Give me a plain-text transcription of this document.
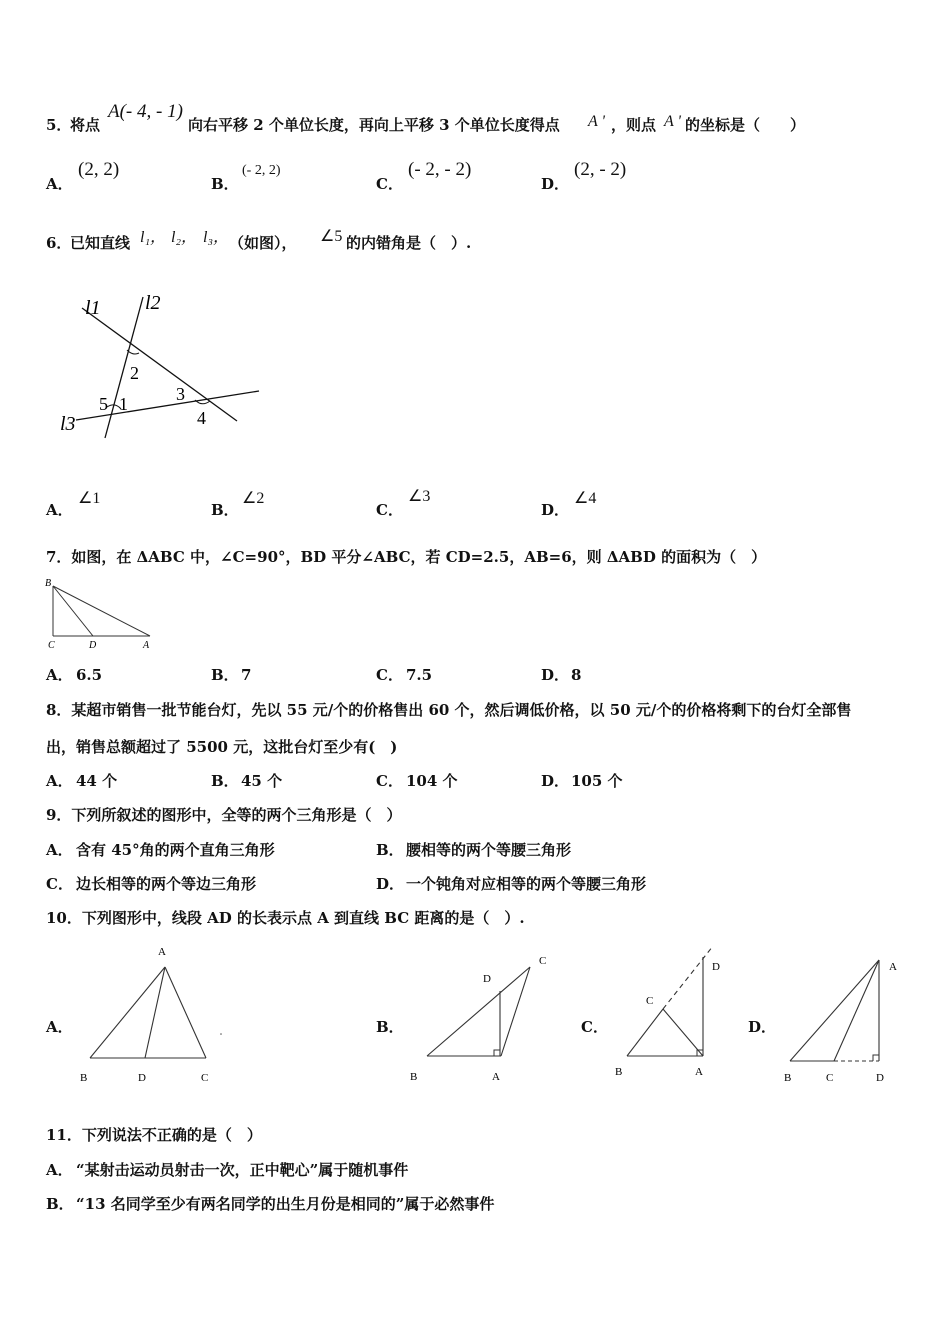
5．
将点
A(- 4, - 1)
向右平移 2 个单位长度，再向上平移 3 个单位长度得点 A ' ，则点 A ' 的坐标是（　　）
A．
(2, 2)
B．
(- 2, 2)
C．
(- 2, - 2)
D．
(2, - 2)
6．
已知直线 l₁， l₂， l₃， （如图）， ∠5 的内错角是（　）.
l1 l2
l3
2
3
5 1
4
A．
∠1
B．
∠2
C．
∠3
D．
∠4
7．如图，在 ΔABC 中，∠C=90°，BD 平分∠ABC，若 CD=2.5，AB=6，则 ΔABD 的面积为（　）
B
C	D	A
A． 6.5	B． 7	C． 7.5	D． 8
8．某超市销售一批节能台灯，先以 55 元/个的价格售出 60 个，然后调低价格，以 50 元/个的价格将剩下的台灯全部售
出，销售总额超过了 5500 元，这批台灯至少有(　)
A． 44 个	B． 45 个	C． 104 个	D． 105 个
9．下列所叙述的图形中，全等的两个三角形是（　）
A． 含有 45°角的两个直角三角形	B． 腰相等的两个等腰三角形
C． 边长相等的两个等边三角形	D． 一个钝角对应相等的两个等腰三角形
10．下列图形中，线段 AD 的长表示点 A 到直线 BC 距离的是（　）.
A．
A
B	D	C
B．
D
C
B	A
C．
C
D
B	A
D．
A
B	C	D
11．下列说法不正确的是（　）
A． “某射击运动员射击一次，正中靶心”属于随机事件
B． “13 名同学至少有两名同学的出生月份是相同的”属于必然事件
